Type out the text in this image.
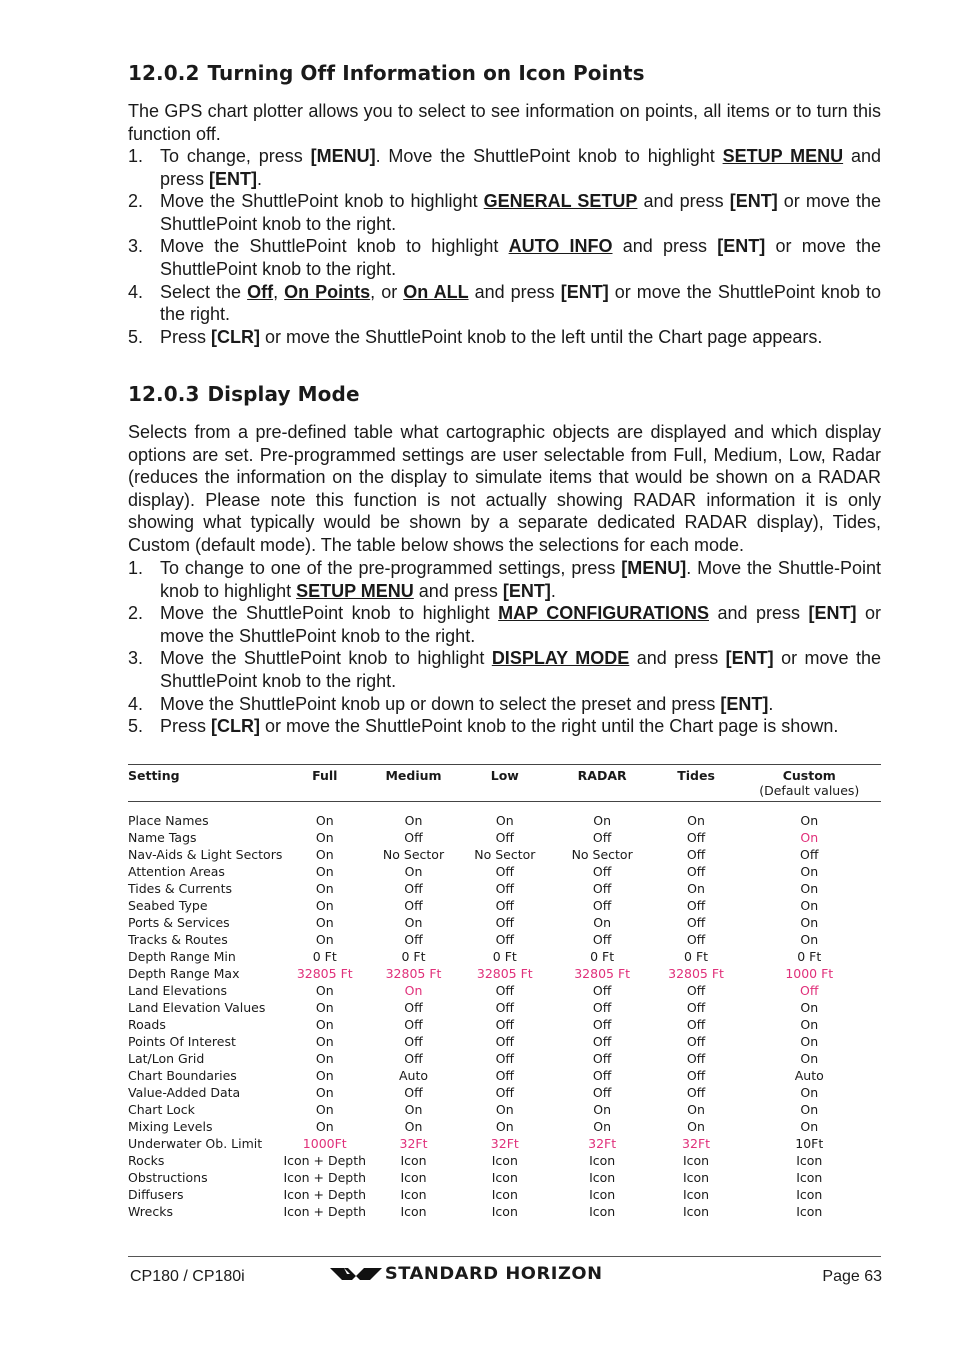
12.0.2 Turning Off Information on Icon Points

The GPS chart plotter allows you to select to see information on points, all items or to turn this function off.

1. To change, press [MENU]. Move the ShuttlePoint knob to highlight SETUP MENU and press [ENT].
2. Move the ShuttlePoint knob to highlight GENERAL SETUP and press [ENT] or move the ShuttlePoint knob to the right.
3. Move the ShuttlePoint knob to highlight AUTO INFO and press [ENT] or move the ShuttlePoint knob to the right.
4. Select the Off, On Points, or On ALL and press [ENT] or move the ShuttlePoint knob to the right.
5. Press [CLR] or move the ShuttlePoint knob to the left until the Chart page appears.
12.0.3 Display Mode

Selects from a pre-defined table what cartographic objects are displayed and which display options are set. Pre-programmed settings are user selectable from Full, Medium, Low, Radar (reduces the information on the display to simulate items that would be shown on a RADAR display). Please note this function is not actually showing RADAR information it is only showing what typically would be shown by a separate dedicated RADAR display), Tides, Custom (default mode). The table below shows the selections for each mode.

1. To change to one of the pre-programmed settings, press [MENU]. Move the Shuttle-Point knob to highlight SETUP MENU and press [ENT].
2. Move the ShuttlePoint knob to highlight MAP CONFIGURATIONS and press [ENT] or move the ShuttlePoint knob to the right.
3. Move the ShuttlePoint knob to highlight DISPLAY MODE and press [ENT] or move the ShuttlePoint knob to the right.
4. Move the ShuttlePoint knob up or down to select the preset and press [ENT].
5. Press [CLR] or move the ShuttlePoint knob to the right until the Chart page is shown.
Setting	Full	Medium	Low	RADAR	Tides	Custom
(Default values)

Place Names	On	On	On	On	On	On
Name Tags	On	Off	Off	Off	Off	On
Nav-Aids & Light Sectors	On	No Sector	No Sector	No Sector	Off	Off
Attention Areas	On	On	Off	Off	Off	On
Tides & Currents	On	Off	Off	Off	On	On
Seabed Type	On	Off	Off	Off	Off	On
Ports & Services	On	On	Off	On	Off	On
Tracks & Routes	On	Off	Off	Off	Off	On
Depth Range Min	0 Ft	0 Ft	0 Ft	0 Ft	0 Ft	0 Ft
Depth Range Max	32805 Ft	32805 Ft	32805 Ft	32805 Ft	32805 Ft	1000 Ft
Land Elevations	On	On	Off	Off	Off	Off
Land Elevation Values	On	Off	Off	Off	Off	On
Roads	On	Off	Off	Off	Off	On
Points Of Interest	On	Off	Off	Off	Off	On
Lat/Lon Grid	On	Off	Off	Off	Off	On
Chart Boundaries	On	Auto	Off	Off	Off	Auto
Value-Added Data	On	Off	Off	Off	Off	On
Chart Lock	On	On	On	On	On	On
Mixing Levels	On	On	On	On	On	On
Underwater Ob. Limit	1000Ft	32Ft	32Ft	32Ft	32Ft	10Ft
Rocks	Icon + Depth	Icon	Icon	Icon	Icon	Icon
Obstructions	Icon + Depth	Icon	Icon	Icon	Icon	Icon
Diffusers	Icon + Depth	Icon	Icon	Icon	Icon	Icon
Wrecks	Icon + Depth	Icon	Icon	Icon	Icon	Icon
CP180 / CP180i	STANDARD HORIZON	Page 63
